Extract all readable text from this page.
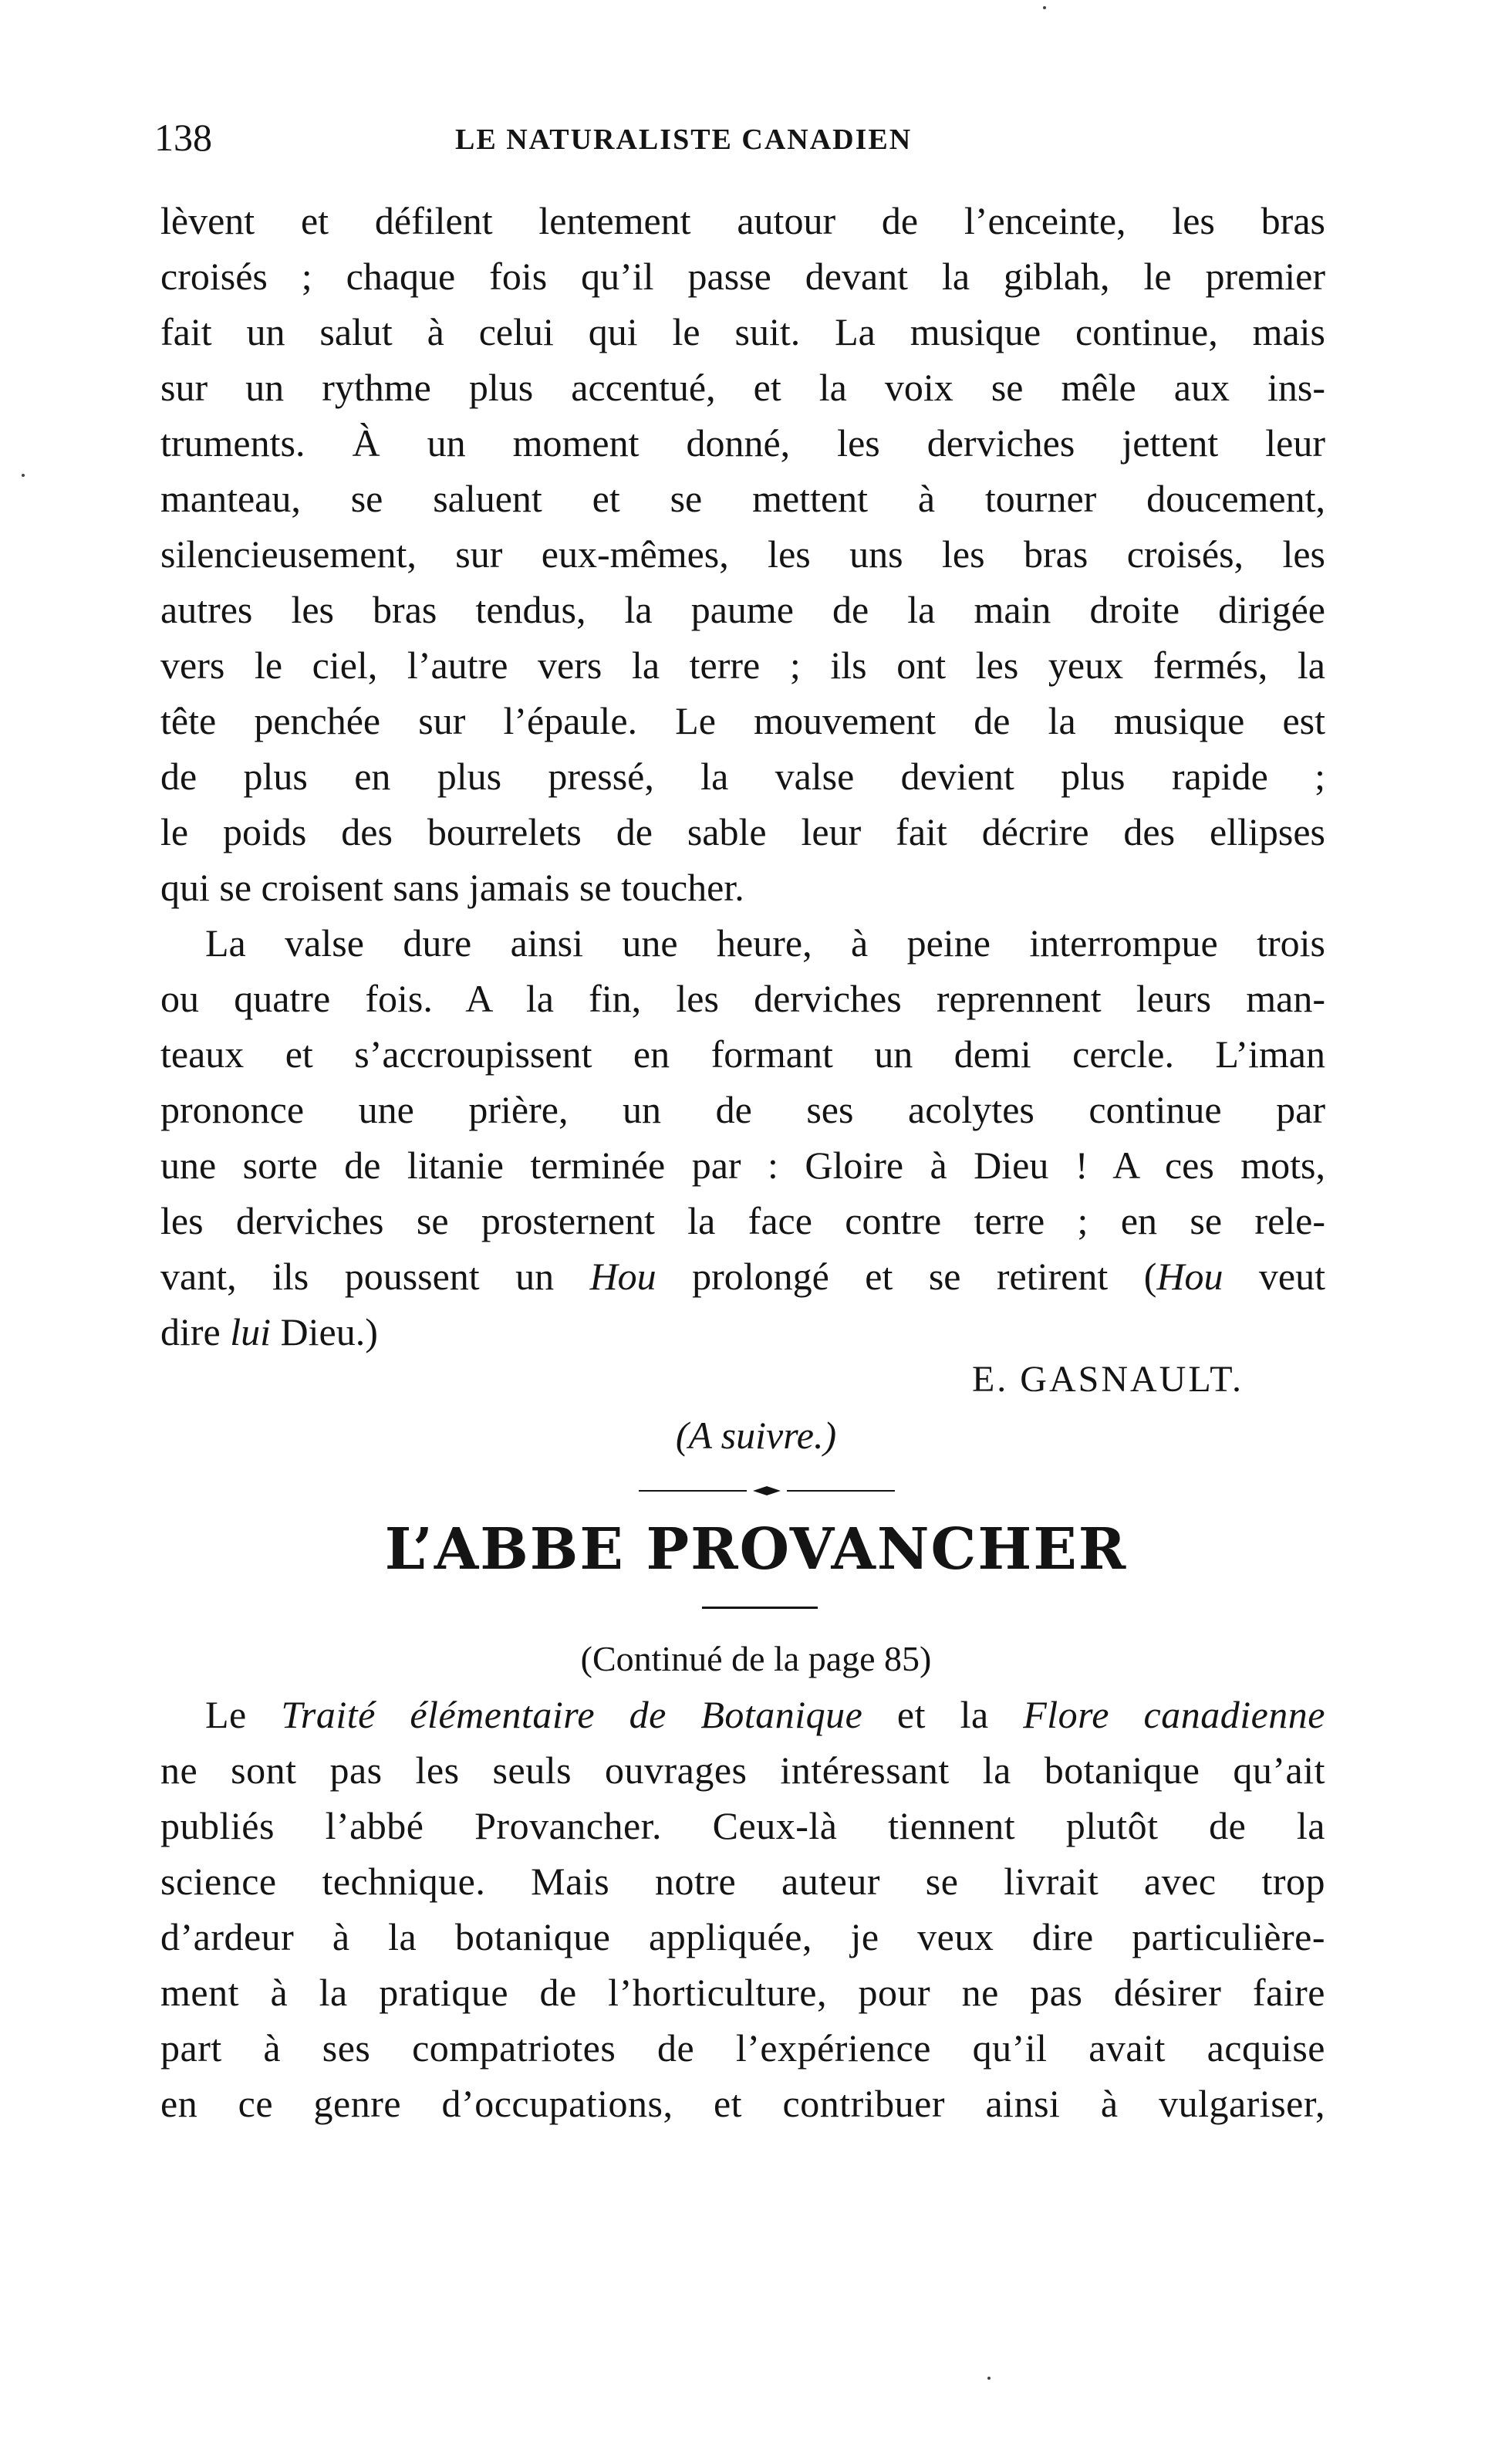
138	LE NATURALISTE CANADIEN

lèvent et défilent lentement autour de l’enceinte, les bras

croisés ; chaque fois qu’il passe devant la giblah, le premier

fait un salut à celui qui le suit. La musique continue, mais

sur un rythme plus accentué, et la voix se mêle aux ins-

truments. À un moment donné, les derviches jettent leur

manteau, se saluent et se mettent à tourner doucement,

silencieusement, sur eux-mêmes, les uns les bras croisés, les

autres les bras tendus, la paume de la main droite dirigée

vers le ciel, l’autre vers la terre ; ils ont les yeux fermés, la

tête penchée sur l’épaule. Le mouvement de la musique est

de plus en plus pressé, la valse devient plus rapide ;

le poids des bourrelets de sable leur fait décrire des ellipses

qui se croisent sans jamais se toucher.

La valse dure ainsi une heure, à peine interrompue trois

ou quatre fois. A la fin, les derviches reprennent leurs man-

teaux et s’accroupissent en formant un demi cercle. L’iman

prononce une prière, un de ses acolytes continue par

une sorte de litanie terminée par : Gloire à Dieu ! A ces mots,

les derviches se prosternent la face contre terre ; en se rele-

vant, ils poussent un Hou prolongé et se retirent (Hou veut

dire lui Dieu.)

E. GASNAULT.
(A suivre.)
L’ABBE PROVANCHER
(Continué de la page 85)

Le Traité élémentaire de Botanique et la Flore canadienne

ne sont pas les seuls ouvrages intéressant la botanique qu’ait

publiés l’abbé Provancher. Ceux-là tiennent plutôt de la

science technique. Mais notre auteur se livrait avec trop

d’ardeur à la botanique appliquée, je veux dire particulière-

ment à la pratique de l’horticulture, pour ne pas désirer faire

part à ses compatriotes de l’expérience qu’il avait acquise

en ce genre d’occupations, et contribuer ainsi à vulgariser,
